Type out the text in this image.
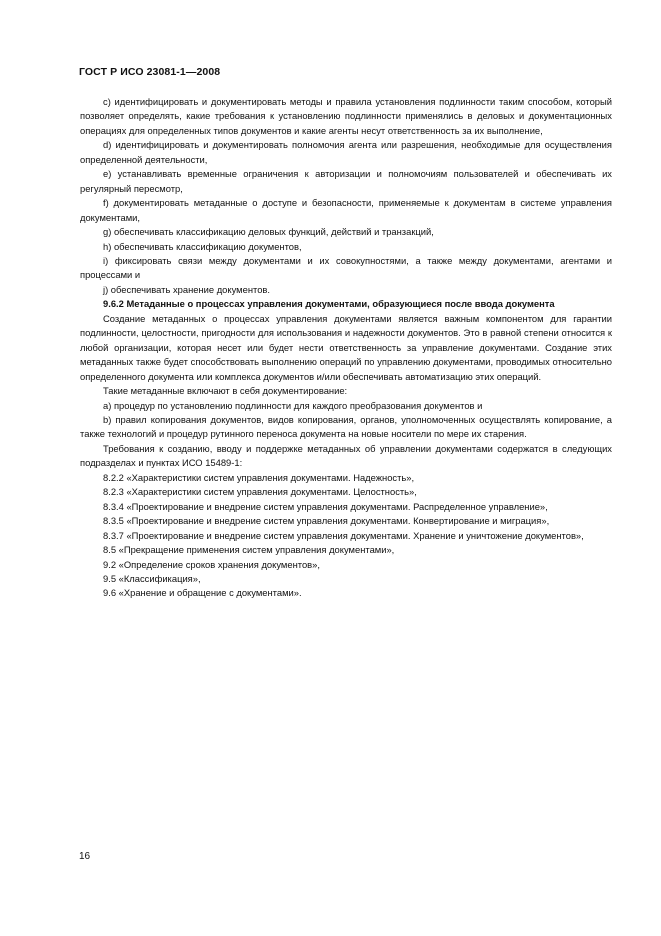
ГОСТ Р ИСО 23081-1—2008

c) идентифицировать и документировать методы и правила установления подлинности таким способом, который позволяет определять, какие требования к установлению подлинности применялись в деловых и документационных операциях для определенных типов документов и какие агенты несут ответственность за их выполнение,

d) идентифицировать и документировать полномочия агента или разрешения, необходимые для осуществления определенной деятельности,

e) устанавливать временные ограничения к авторизации и полномочиям пользователей и обеспечивать их регулярный пересмотр,

f) документировать метаданные о доступе и безопасности, применяемые к документам в системе управления документами,

g) обеспечивать классификацию деловых функций, действий и транзакций,

h) обеспечивать классификацию документов,

i) фиксировать связи между документами и их совокупностями, а также между документами, агентами и процессами и

j) обеспечивать хранение документов.

9.6.2 Метаданные о процессах управления документами, образующиеся после ввода документа

Создание метаданных о процессах управления документами является важным компонентом для гарантии подлинности, целостности, пригодности для использования и надежности документов. Это в равной степени относится к любой организации, которая несет или будет нести ответственность за управление документами. Создание этих метаданных также будет способствовать выполнению операций по управлению документами, проводимых относительно определенного документа или комплекса документов и/или обеспечивать автоматизацию этих операций.

Такие метаданные включают в себя документирование:

a) процедур по установлению подлинности для каждого преобразования документов и

b) правил копирования документов, видов копирования, органов, уполномоченных осуществлять копирование, а также технологий и процедур рутинного переноса документа на новые носители по мере их старения.

Требования к созданию, вводу и поддержке метаданных об управлении документами содержатся в следующих подразделах и пунктах ИСО 15489-1:

8.2.2 «Характеристики систем управления документами. Надежность»,

8.2.3 «Характеристики систем управления документами. Целостность»,

8.3.4 «Проектирование и внедрение систем управления документами. Распределенное управление»,

8.3.5 «Проектирование и внедрение систем управления документами. Конвертирование и миграция»,

8.3.7 «Проектирование и внедрение систем управления документами. Хранение и уничтожение документов»,

8.5 «Прекращение применения систем управления документами»,

9.2 «Определение сроков хранения документов»,

9.5 «Классификация»,

9.6 «Хранение и обращение с документами».

16
